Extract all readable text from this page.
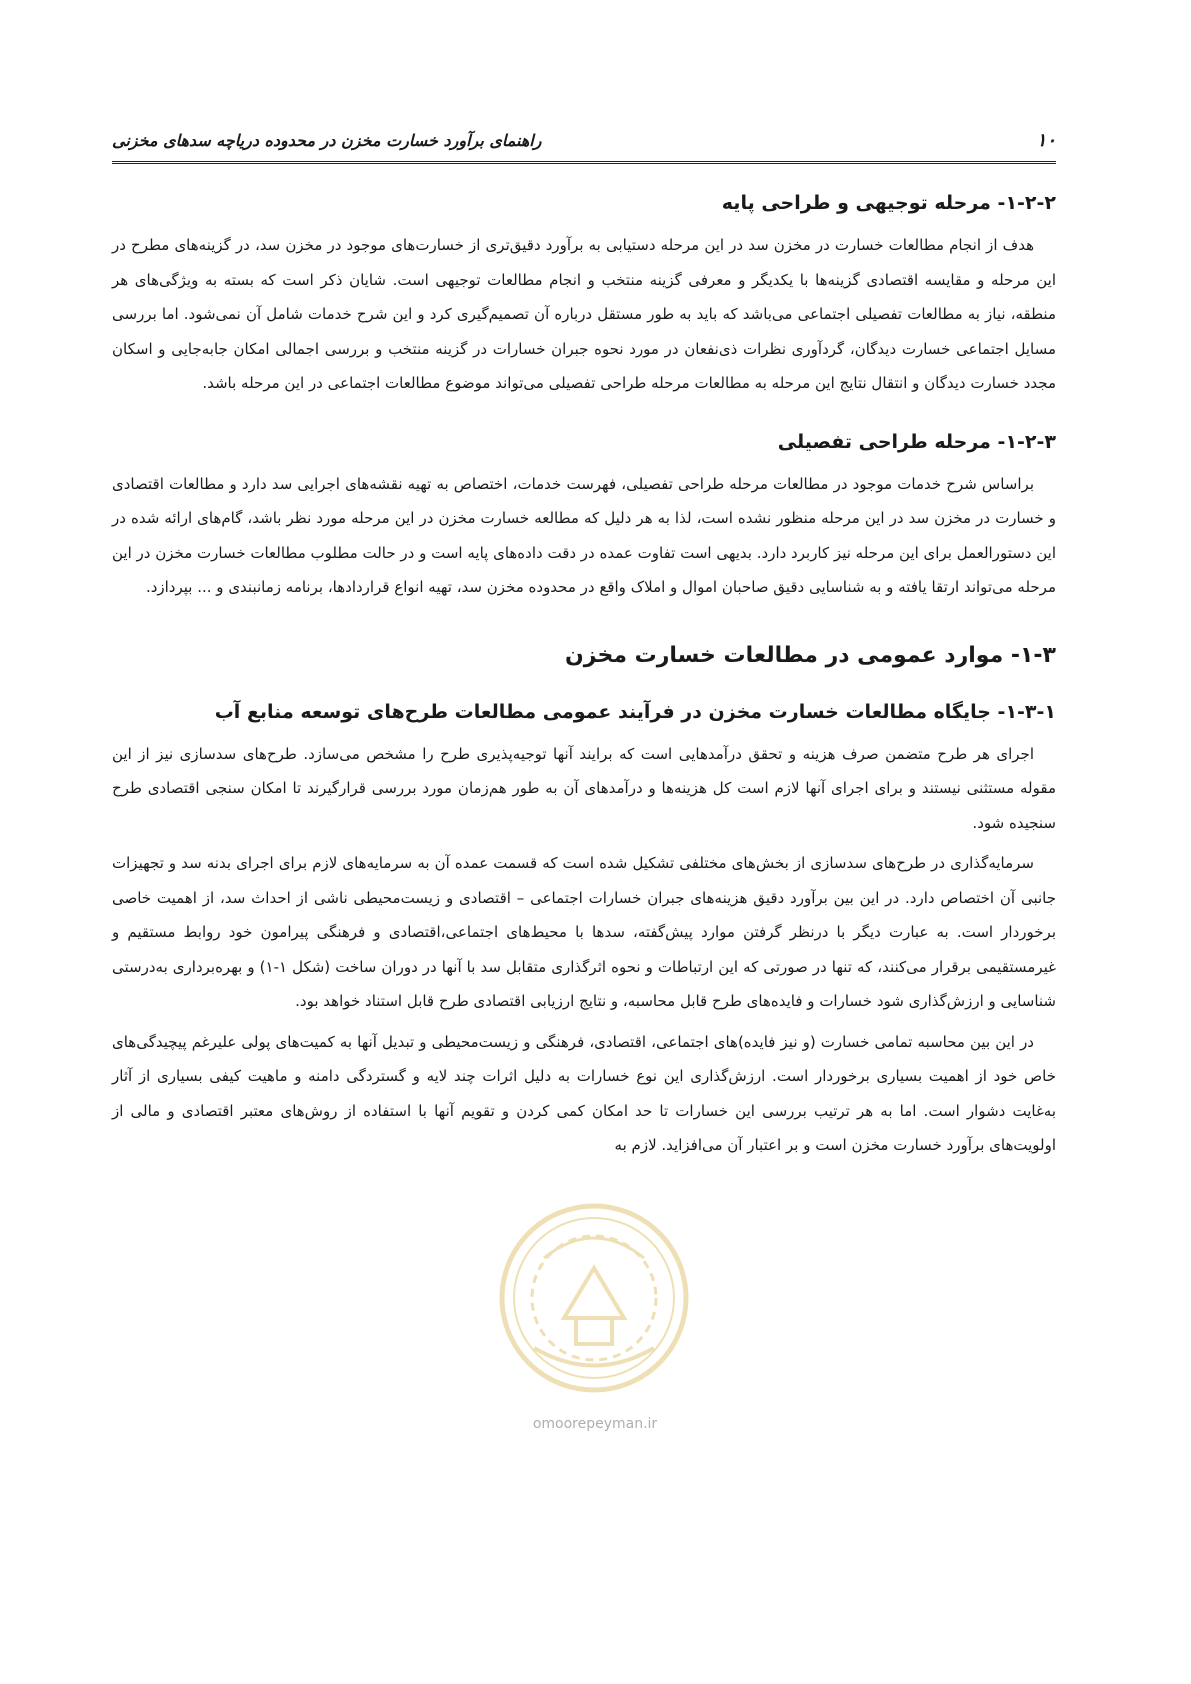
۱۰
راهنمای برآورد خسارت مخزن در محدوده دریاچه سدهای مخزنی
۱-۲-۲- مرحله توجیهی و طراحی پایه

هدف از انجام مطالعات خسارت در مخزن سد در این مرحله دستیابی به برآورد دقیق‌تری از خسارت‌های موجود در مخزن سد، در گزینه‌های مطرح در این مرحله و مقایسه اقتصادی گزینه‌ها با یکدیگر و معرفی گزینه منتخب و انجام مطالعات توجیهی است. شایان ذکر است که بسته به ویژگی‌های هر منطقه، نیاز به مطالعات تفصیلی اجتماعی می‌باشد که باید به طور مستقل درباره آن تصمیم‌گیری کرد و این شرح خدمات شامل آن نمی‌شود. اما بررسی مسایل اجتماعی خسارت دیدگان، گردآوری نظرات ذی‌نفعان در مورد نحوه جبران خسارات در گزینه منتخب و بررسی اجمالی امکان جابه‌جایی و اسکان مجدد خسارت دیدگان و انتقال نتایج این مرحله به مطالعات مرحله طراحی تفصیلی می‌تواند موضوع مطالعات اجتماعی در این مرحله باشد.

۱-۲-۳- مرحله طراحی تفصیلی

براساس شرح خدمات موجود در مطالعات مرحله طراحی تفصیلی، فهرست خدمات، اختصاص به تهیه نقشه‌های اجرایی سد دارد و مطالعات اقتصادی و خسارت در مخزن سد در این مرحله منظور نشده است، لذا به هر دلیل که مطالعه خسارت مخزن در این مرحله مورد نظر باشد، گام‌های ارائه شده در این دستورالعمل برای این مرحله نیز کاربرد دارد. بدیهی است تفاوت عمده در دقت داده‌های پایه است و در حالت مطلوب مطالعات خسارت مخزن در این مرحله می‌تواند ارتقا یافته و به شناسایی دقیق صاحبان اموال و املاک واقع در محدوده مخزن سد، تهیه انواع قراردادها، برنامه زمانبندی و ... بپردازد.

۱-۳- موارد عمومی در مطالعات خسارت مخزن
۱-۳-۱- جایگاه مطالعات خسارت مخزن در فرآیند عمومی مطالعات طرح‌های توسعه منابع آب

اجرای هر طرح متضمن صرف هزینه و تحقق درآمدهایی است که برایند آنها توجیه‌پذیری طرح را مشخص می‌سازد. طرح‌های سدسازی نیز از این مقوله مستثنی نیستند و برای اجرای آنها لازم است کل هزینه‌ها و درآمدهای آن به طور هم‌زمان مورد بررسی قرارگیرند تا امکان سنجی اقتصادی طرح سنجیده شود.

سرمایه‌گذاری در طرح‌های سدسازی از بخش‌های مختلفی تشکیل شده است که قسمت عمده آن به سرمایه‌های لازم برای اجرای بدنه سد و تجهیزات جانبی آن اختصاص دارد. در این بین برآورد دقیق هزینه‌های جبران خسارات اجتماعی – اقتصادی و زیست‌محیطی ناشی از احداث سد، از اهمیت خاصی برخوردار است. به عبارت دیگر با درنظر گرفتن موارد پیش‌گفته، سدها با محیط‌های اجتماعی،اقتصادی و فرهنگی پیرامون خود روابط مستقیم و غیرمستقیمی برقرار می‌کنند، که تنها در صورتی که این ارتباطات و نحوه اثرگذاری متقابل سد با آنها در دوران ساخت (شکل ۱-۱) و بهره‌برداری به‌درستی شناسایی و ارزش‌گذاری شود خسارات و فایده‌های طرح قابل محاسبه، و نتایج ارزیابی اقتصادی طرح قابل استناد خواهد بود.

در این بین محاسبه تمامی خسارت (و نیز فایده)های اجتماعی، اقتصادی، فرهنگی و زیست‌محیطی و تبدیل آنها به کمیت‌های پولی علیرغم پیچیدگی‌های خاص خود از اهمیت بسیاری برخوردار است. ارزش‌گذاری این نوع خسارات به دلیل اثرات چند لایه و گستردگی دامنه و ماهیت کیفی بسیاری از آثار به‌غایت دشوار است. اما به هر ترتیب بررسی این خسارات تا حد امکان کمی کردن و تقویم آنها با استفاده از روش‌های معتبر اقتصادی و مالی از اولویت‌های برآورد خسارت مخزن است و بر اعتبار آن می‌افزاید. لازم به

omoorepeyman.ir
